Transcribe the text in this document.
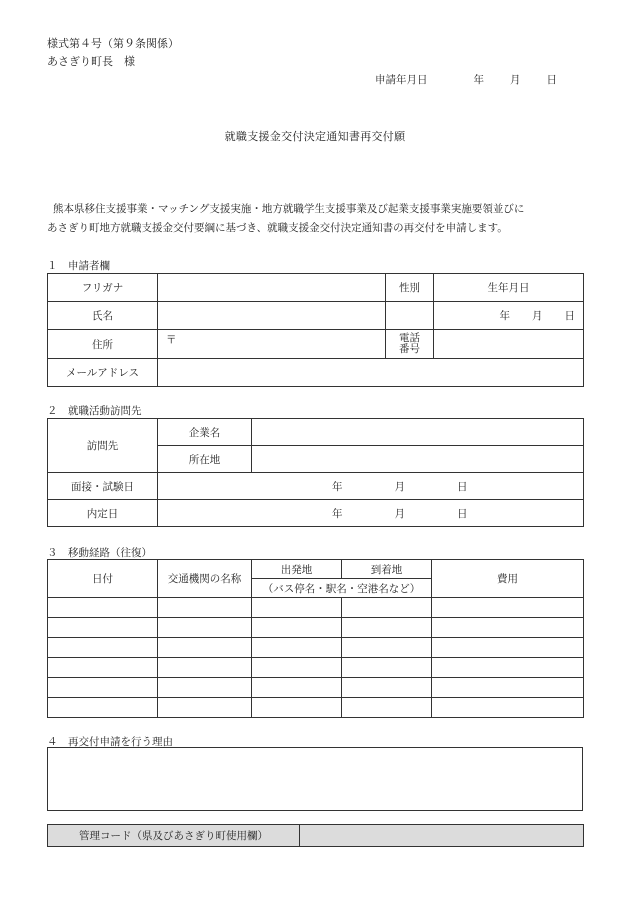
様式第４号（第９条関係）
あさぎり町長　様
申請年月日	年 月 日
就職支援金交付決定通知書再交付願

熊本県移住支援事業・マッチング支援実施・地方就職学生支援事業及び起業支援事業実施要領並びに

あさぎり町地方就職支援金交付要綱に基づき、就職支援金交付決定通知書の再交付を申請します。

１　申請者欄
フリガナ		性別	生年月日
氏名			年 月 日
住所	〒	電話
番号	
メールアドレス			
２　就職活動訪問先
訪問先	企業名	
	所在地	
面接・試験日	年 月 日	
内定日	年 月 日	
３　移動経路（往復）
日付	交通機関の名称	出発地	到着地	費用
		（バス停名・駅名・空港名など）		

４　再交付申請を行う理由
管理コード（県及びあさぎり町使用欄）	
